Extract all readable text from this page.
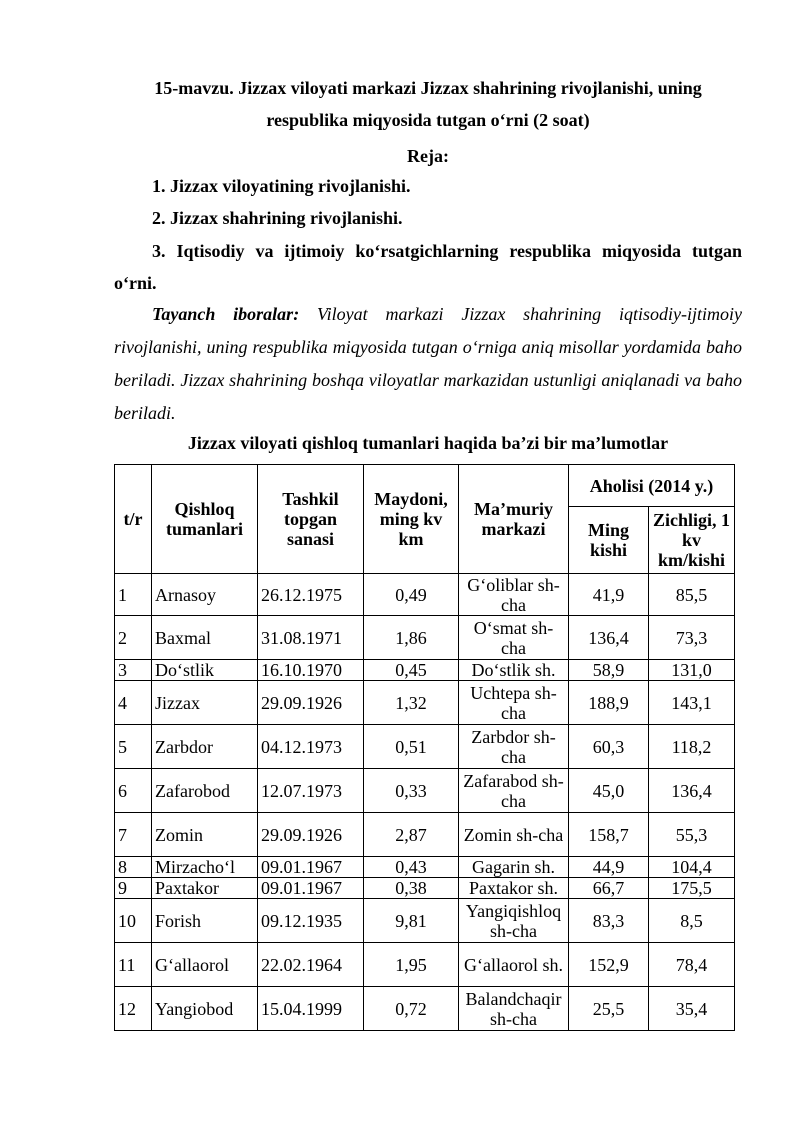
15-mavzu. Jizzax viloyati markazi Jizzax shahrining rivojlanishi, uning respublika miqyosida tutgan o‘rni (2 soat)
Reja:
1. Jizzax viloyatining rivojlanishi.
2. Jizzax shahrining rivojlanishi.
3. Iqtisodiy va ijtimoiy ko‘rsatgichlarning respublika miqyosida tutgan o‘rni.
Tayanch iboralar: Viloyat markazi Jizzax shahrining iqtisodiy-ijtimoiy rivojlanishi, uning respublika miqyosida tutgan o‘rniga aniq misollar yordamida baho beriladi. Jizzax shahrining boshqa viloyatlar markazidan ustunligi aniqlanadi va baho beriladi.
Jizzax viloyati qishloq tumanlari haqida ba’zi bir ma’lumotlar
t/r	Qishloq tumanlari	Tashkil topgan sanasi	Maydoni, ming kv km	Ma’muriy markazi	Aholisi (2014 y.)	
					Ming kishi	Zichligi, 1 kv km/kishi
1	Arnasoy	26.12.1975	0,49	G‘oliblar sh-cha	41,9	85,5
2	Baxmal	31.08.1971	1,86	O‘smat sh-cha	136,4	73,3
3	Do‘stlik	16.10.1970	0,45	Do‘stlik sh.	58,9	131,0
4	Jizzax	29.09.1926	1,32	Uchtepa sh-cha	188,9	143,1
5	Zarbdor	04.12.1973	0,51	Zarbdor sh-cha	60,3	118,2
6	Zafarobod	12.07.1973	0,33	Zafarabod sh-cha	45,0	136,4
7	Zomin	29.09.1926	2,87	Zomin sh-cha	158,7	55,3
8	Mirzacho‘l	09.01.1967	0,43	Gagarin sh.	44,9	104,4
9	Paxtakor	09.01.1967	0,38	Paxtakor sh.	66,7	175,5
10	Forish	09.12.1935	9,81	Yangiqishloq sh-cha	83,3	8,5
11	G‘allaorol	22.02.1964	1,95	G‘allaorol sh.	152,9	78,4
12	Yangiobod	15.04.1999	0,72	Balandchaqir sh-cha	25,5	35,4
